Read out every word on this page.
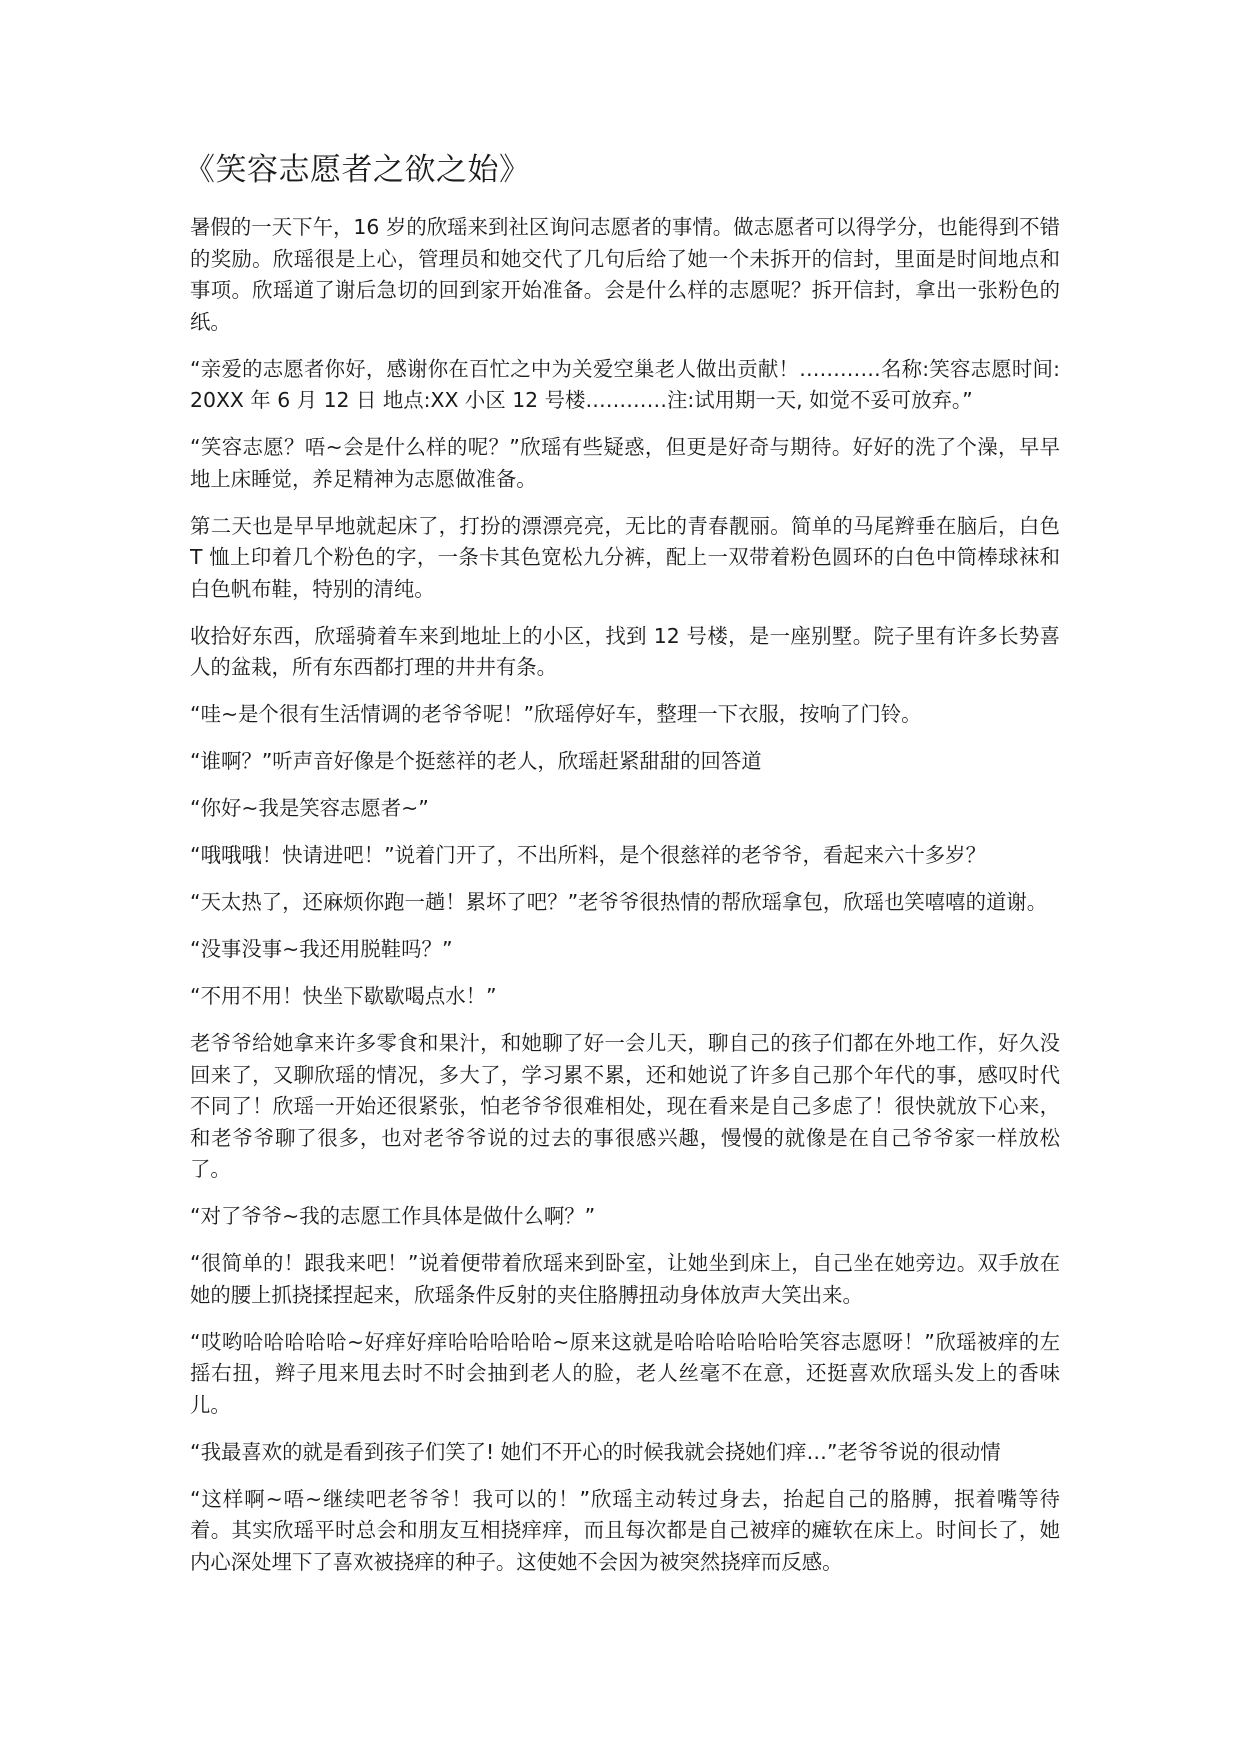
《笑容志愿者之欲之始》

暑假的一天下午，16 岁的欣瑶来到社区询问志愿者的事情。做志愿者可以得学分，也能得到不错的奖励。欣瑶很是上心，管理员和她交代了几句后给了她一个未拆开的信封，里面是时间地点和事项。欣瑶道了谢后急切的回到家开始准备。会是什么样的志愿呢？拆开信封，拿出一张粉色的纸。

“亲爱的志愿者你好，感谢你在百忙之中为关爱空巢老人做出贡献！…………名称:笑容志愿时间:20XX 年 6 月 12 日 地点:XX 小区 12 号楼…………注:试用期一天, 如觉不妥可放弃。”

“笑容志愿？唔~会是什么样的呢？”欣瑶有些疑惑，但更是好奇与期待。好好的洗了个澡，早早地上床睡觉，养足精神为志愿做准备。

第二天也是早早地就起床了，打扮的漂漂亮亮，无比的青春靓丽。简单的马尾辫垂在脑后，白色 T 恤上印着几个粉色的字，一条卡其色宽松九分裤，配上一双带着粉色圆环的白色中筒棒球袜和白色帆布鞋，特别的清纯。

收拾好东西，欣瑶骑着车来到地址上的小区，找到 12 号楼，是一座别墅。院子里有许多长势喜人的盆栽，所有东西都打理的井井有条。

“哇~是个很有生活情调的老爷爷呢！”欣瑶停好车，整理一下衣服，按响了门铃。

“谁啊？”听声音好像是个挺慈祥的老人，欣瑶赶紧甜甜的回答道

“你好~我是笑容志愿者~”

“哦哦哦！快请进吧！”说着门开了，不出所料，是个很慈祥的老爷爷，看起来六十多岁？

“天太热了，还麻烦你跑一趟！累坏了吧？”老爷爷很热情的帮欣瑶拿包，欣瑶也笑嘻嘻的道谢。

“没事没事~我还用脱鞋吗？”

“不用不用！快坐下歇歇喝点水！”

老爷爷给她拿来许多零食和果汁，和她聊了好一会儿天，聊自己的孩子们都在外地工作，好久没回来了，又聊欣瑶的情况，多大了，学习累不累，还和她说了许多自己那个年代的事，感叹时代不同了！欣瑶一开始还很紧张，怕老爷爷很难相处，现在看来是自己多虑了！很快就放下心来，和老爷爷聊了很多，也对老爷爷说的过去的事很感兴趣，慢慢的就像是在自己爷爷家一样放松了。

“对了爷爷~我的志愿工作具体是做什么啊？”

“很简单的！跟我来吧！”说着便带着欣瑶来到卧室，让她坐到床上，自己坐在她旁边。双手放在她的腰上抓挠揉捏起来，欣瑶条件反射的夹住胳膊扭动身体放声大笑出来。

“哎哟哈哈哈哈哈~好痒好痒哈哈哈哈哈~原来这就是哈哈哈哈哈哈笑容志愿呀！”欣瑶被痒的左摇右扭，辫子甩来甩去时不时会抽到老人的脸，老人丝毫不在意，还挺喜欢欣瑶头发上的香味儿。

“我最喜欢的就是看到孩子们笑了! 她们不开心的时候我就会挠她们痒…”老爷爷说的很动情

“这样啊~唔~继续吧老爷爷！我可以的！”欣瑶主动转过身去，抬起自己的胳膊，抿着嘴等待着。其实欣瑶平时总会和朋友互相挠痒痒，而且每次都是自己被痒的瘫软在床上。时间长了，她内心深处埋下了喜欢被挠痒的种子。这使她不会因为被突然挠痒而反感。
